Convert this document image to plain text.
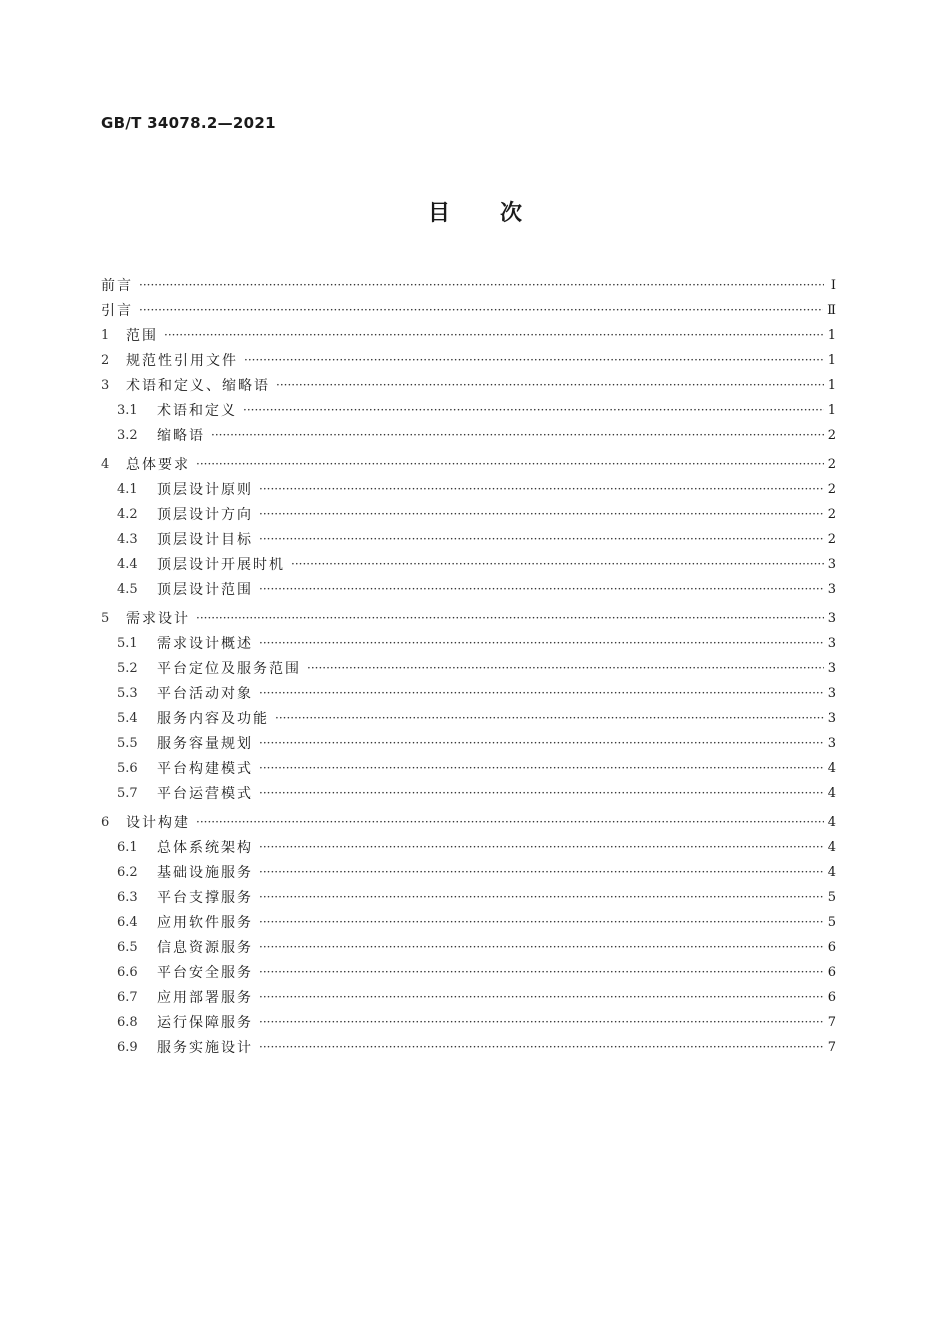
GB/T 34078.2—2021
目次
前言 ·····	Ⅰ
引言 ·····	Ⅱ
1	范围 ·····	1
2	规范性引用文件 ·····	1
3	术语和定义、缩略语 ·····	1
3.1	术语和定义 ·····	1
3.2	缩略语 ·····	2
4	总体要求 ·····	2
4.1	顶层设计原则 ·····	2
4.2	顶层设计方向 ·····	2
4.3	顶层设计目标 ·····	2
4.4	顶层设计开展时机 ·····	3
4.5	顶层设计范围 ·····	3
5	需求设计 ·····	3
5.1	需求设计概述 ·····	3
5.2	平台定位及服务范围 ·····	3
5.3	平台活动对象 ·····	3
5.4	服务内容及功能 ·····	3
5.5	服务容量规划 ·····	3
5.6	平台构建模式 ·····	4
5.7	平台运营模式 ·····	4
6	设计构建 ·····	4
6.1	总体系统架构 ·····	4
6.2	基础设施服务 ·····	4
6.3	平台支撑服务 ·····	5
6.4	应用软件服务 ·····	5
6.5	信息资源服务 ·····	6
6.6	平台安全服务 ·····	6
6.7	应用部署服务 ·····	6
6.8	运行保障服务 ·····	7
6.9	服务实施设计 ·····	7
